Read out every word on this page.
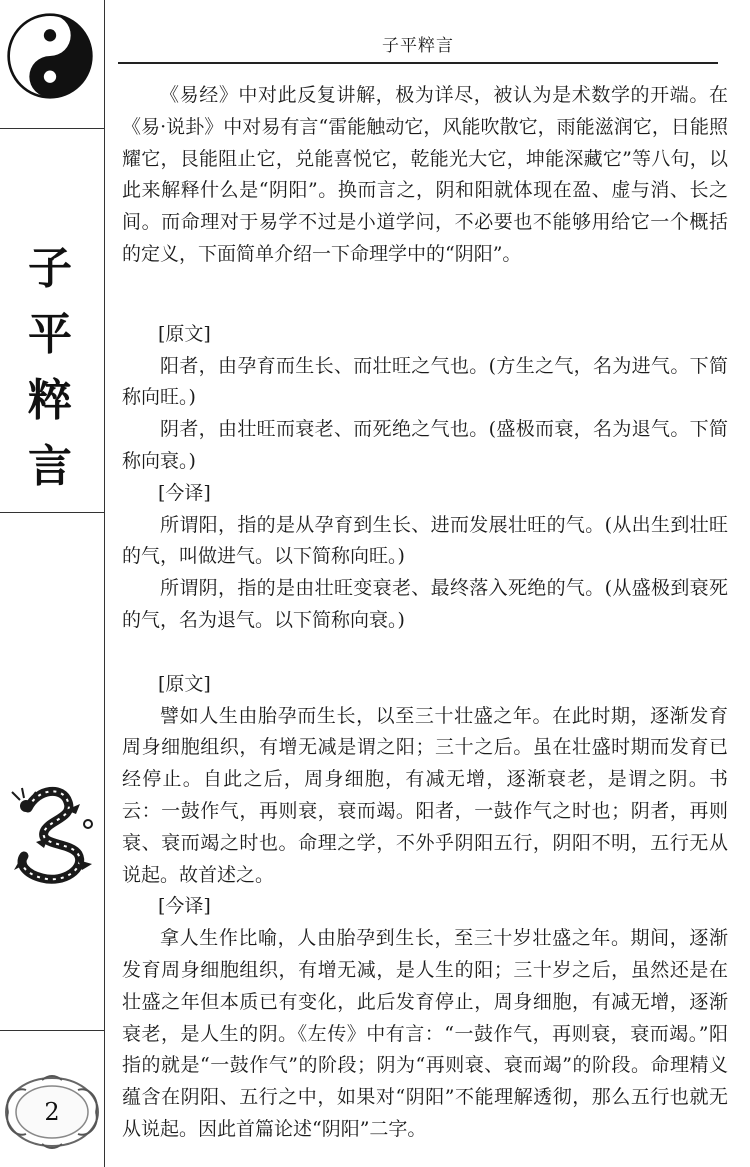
子
平
粹
言
2
子平粹言

《易经》中对此反复讲解，极为详尽，被认为是术数学的开端。在《易·说卦》中对易有言“雷能触动它，风能吹散它，雨能滋润它，日能照耀它，艮能阻止它，兑能喜悦它，乾能光大它，坤能深藏它”等八句，以此来解释什么是“阴阳”。换而言之，阴和阳就体现在盈、虚与消、长之间。而命理对于易学不过是小道学问，不必要也不能够用给它一个概括的定义，下面简单介绍一下命理学中的“阴阳”。

[原文]

阳者，由孕育而生长、而壮旺之气也。(方生之气，名为进气。下简称向旺。)

阴者，由壮旺而衰老、而死绝之气也。(盛极而衰，名为退气。下简称向衰。)

[今译]

所谓阳，指的是从孕育到生长、进而发展壮旺的气。(从出生到壮旺的气，叫做进气。以下简称向旺。)

所谓阴，指的是由壮旺变衰老、最终落入死绝的气。(从盛极到衰死的气，名为退气。以下简称向衰。)

[原文]

譬如人生由胎孕而生长，以至三十壮盛之年。在此时期，逐渐发育周身细胞组织，有增无减是谓之阳；三十之后。虽在壮盛时期而发育已经停止。自此之后，周身细胞，有减无增，逐渐衰老，是谓之阴。书云：一鼓作气，再则衰，衰而竭。阳者，一鼓作气之时也；阴者，再则衰、衰而竭之时也。命理之学，不外乎阴阳五行，阴阳不明，五行无从说起。故首述之。

[今译]

拿人生作比喻，人由胎孕到生长，至三十岁壮盛之年。期间，逐渐发育周身细胞组织，有增无减，是人生的阳；三十岁之后，虽然还是在壮盛之年但本质已有变化，此后发育停止，周身细胞，有减无增，逐渐衰老，是人生的阴。《左传》中有言：“一鼓作气，再则衰，衰而竭。”阳指的就是“一鼓作气”的阶段；阴为“再则衰、衰而竭”的阶段。命理精义蕴含在阴阳、五行之中，如果对“阴阳”不能理解透彻，那么五行也就无从说起。因此首篇论述“阴阳”二字。
